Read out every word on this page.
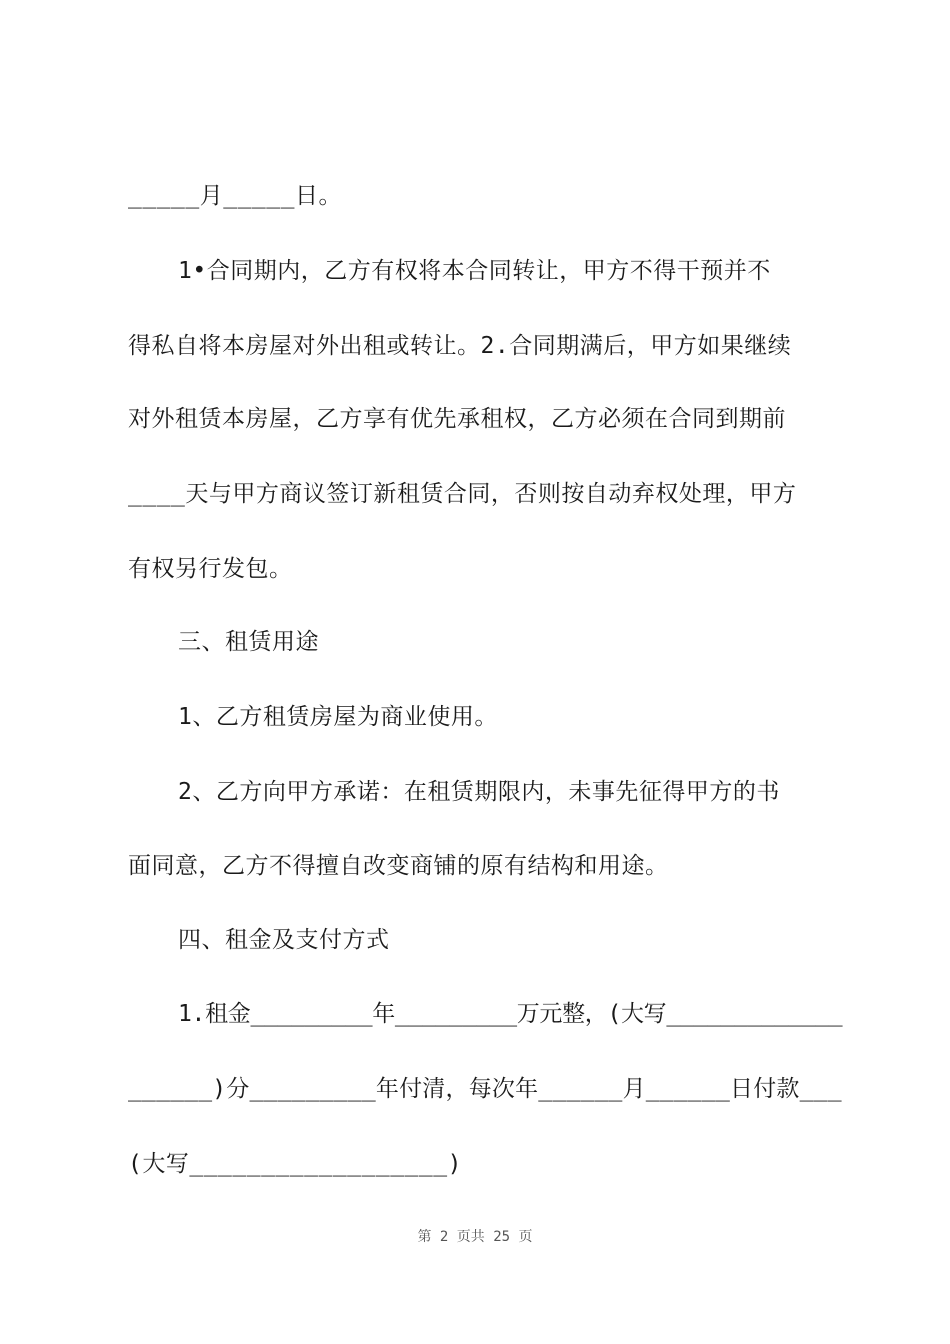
_____月_____日。
1•合同期内，乙方有权将本合同转让，甲方不得干预并不
得私自将本房屋对外出租或转让。2.合同期满后，甲方如果继续
对外租赁本房屋，乙方享有优先承租权，乙方必须在合同到期前
____天与甲方商议签订新租赁合同，否则按自动弃权处理，甲方
有权另行发包。
三、租赁用途
1、乙方租赁房屋为商业使用。
2、乙方向甲方承诺：在租赁期限内，未事先征得甲方的书
面同意，乙方不得擅自改变商铺的原有结构和用途。
四、租金及支付方式
1.租金_________年_________万元整，(大写_____________
______)分_________年付清，每次年______月______日付款___
(大写__________________)
第 2 页共 25 页
